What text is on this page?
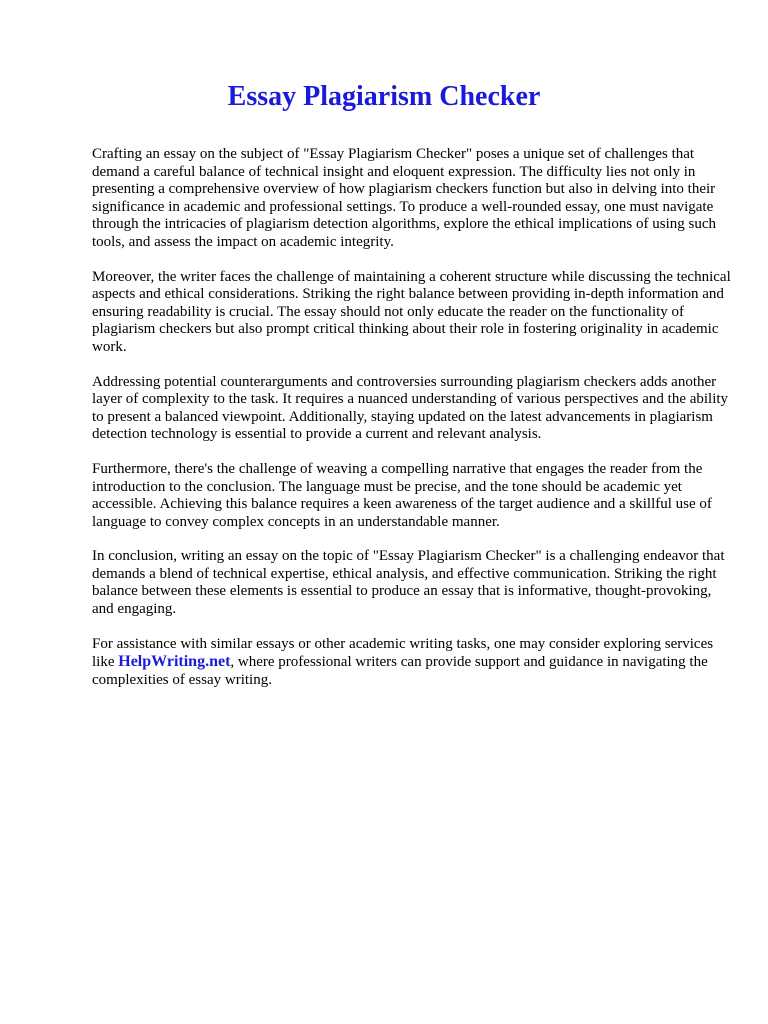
Essay Plagiarism Checker

Crafting an essay on the subject of "Essay Plagiarism Checker" poses a unique set of challenges that demand a careful balance of technical insight and eloquent expression. The difficulty lies not only in presenting a comprehensive overview of how plagiarism checkers function but also in delving into their significance in academic and professional settings. To produce a well-rounded essay, one must navigate through the intricacies of plagiarism detection algorithms, explore the ethical implications of using such tools, and assess the impact on academic integrity.

Moreover, the writer faces the challenge of maintaining a coherent structure while discussing the technical aspects and ethical considerations. Striking the right balance between providing in-depth information and ensuring readability is crucial. The essay should not only educate the reader on the functionality of plagiarism checkers but also prompt critical thinking about their role in fostering originality in academic work.

Addressing potential counterarguments and controversies surrounding plagiarism checkers adds another layer of complexity to the task. It requires a nuanced understanding of various perspectives and the ability to present a balanced viewpoint. Additionally, staying updated on the latest advancements in plagiarism detection technology is essential to provide a current and relevant analysis.

Furthermore, there's the challenge of weaving a compelling narrative that engages the reader from the introduction to the conclusion. The language must be precise, and the tone should be academic yet accessible. Achieving this balance requires a keen awareness of the target audience and a skillful use of language to convey complex concepts in an understandable manner.

In conclusion, writing an essay on the topic of "Essay Plagiarism Checker" is a challenging endeavor that demands a blend of technical expertise, ethical analysis, and effective communication. Striking the right balance between these elements is essential to produce an essay that is informative, thought-provoking, and engaging.

For assistance with similar essays or other academic writing tasks, one may consider exploring services like HelpWriting.net, where professional writers can provide support and guidance in navigating the complexities of essay writing.
